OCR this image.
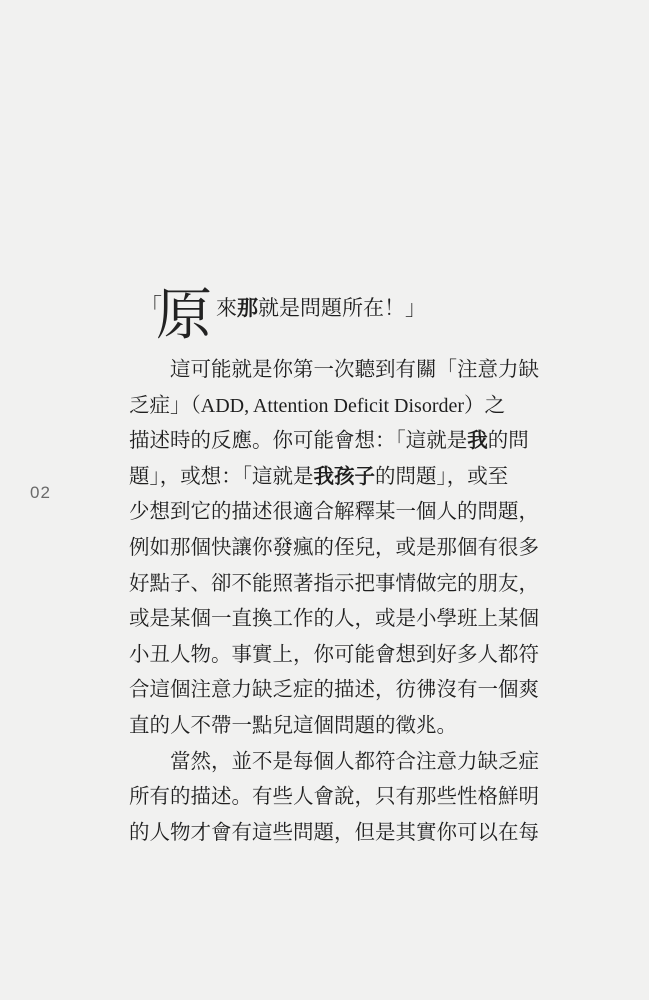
02
「
原 來那就是問題所在！」
這可能就是你第一次聽到有關「注意力缺
乏症」（ADD, Attention Deficit Disorder）之
描述時的反應。你可能會想：「這就是我的問
題」，或想：「這就是我孩子的問題」，或至
少想到它的描述很適合解釋某一個人的問題，
例如那個快讓你發瘋的侄兒，或是那個有很多
好點子、卻不能照著指示把事情做完的朋友，
或是某個一直換工作的人，或是小學班上某個
小丑人物。事實上，你可能會想到好多人都符
合這個注意力缺乏症的描述，彷彿沒有一個爽
直的人不帶一點兒這個問題的徵兆。
當然，並不是每個人都符合注意力缺乏症
所有的描述。有些人會說，只有那些性格鮮明
的人物才會有這些問題，但是其實你可以在每
